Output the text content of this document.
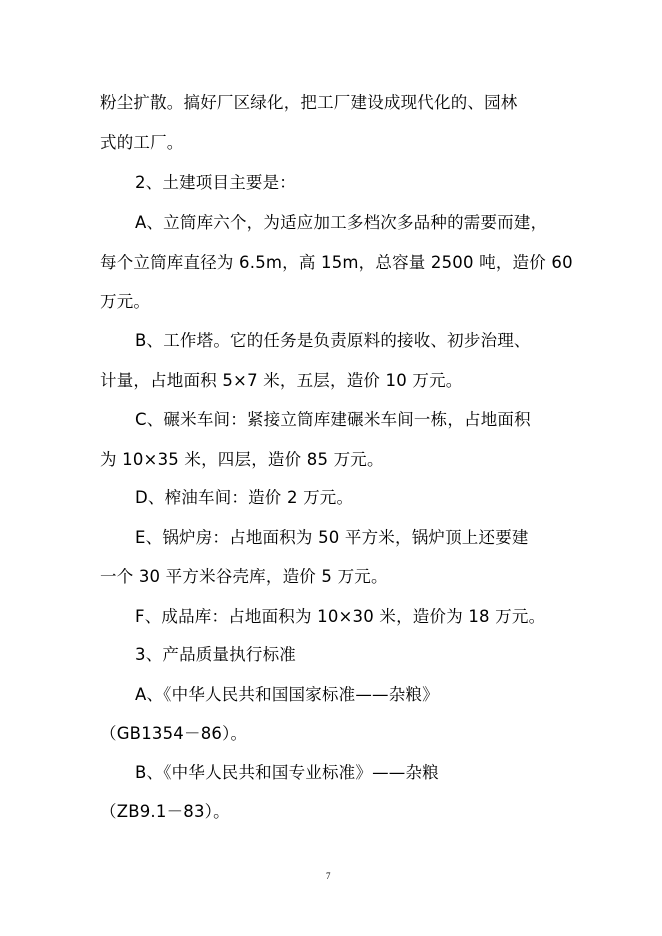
粉尘扩散。搞好厂区绿化，把工厂建设成现代化的、园林
式的工厂。
2、土建项目主要是：
A、立筒库六个，为适应加工多档次多品种的需要而建，
每个立筒库直径为 6.5m，高 15m，总容量 2500 吨，造价 60
万元。
B、工作塔。它的任务是负责原料的接收、初步治理、
计量，占地面积 5×7 米，五层，造价 10 万元。
C、碾米车间：紧接立筒库建碾米车间一栋，占地面积
为 10×35 米，四层，造价 85 万元。
D、榨油车间：造价 2 万元。
E、锅炉房：占地面积为 50 平方米，锅炉顶上还要建
一个 30 平方米谷壳库，造价 5 万元。
F、成品库：占地面积为 10×30 米，造价为 18 万元。
3、产品质量执行标准
A、《中华人民共和国国家标准——杂粮》
（GB1354－86）。
B、《中华人民共和国专业标准》——杂粮
（ZB9.1－83）。
7
